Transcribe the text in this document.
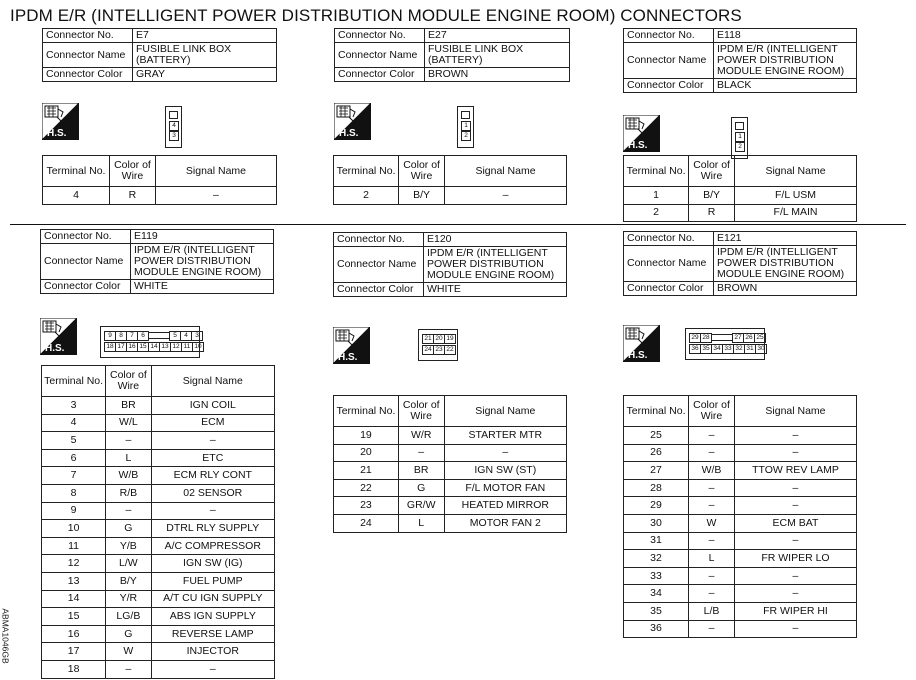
IPDM E/R (INTELLIGENT POWER DISTRIBUTION MODULE ENGINE ROOM) CONNECTORS
ABMA1046GB
Connector No.	E7
Connector Name	FUSIBLE LINK BOX (BATTERY)
Connector Color	GRAY
H.S.
4
3
Terminal No.	Color of Wire	Signal Name
4	R	–
Connector No.	E27
Connector Name	FUSIBLE LINK BOX (BATTERY)
Connector Color	BROWN
H.S.
1
2
Terminal No.	Color of Wire	Signal Name
2	B/Y	–
Connector No.	E118
Connector Name	IPDM E/R (INTELLIGENT POWER DISTRIBUTION MODULE ENGINE ROOM)
Connector Color	BLACK
H.S.
1
2
Terminal No.	Color of Wire	Signal Name
1	B/Y	F/L USM
2	R	F/L MAIN
Connector No.	E119
Connector Name	IPDM E/R (INTELLIGENT POWER DISTRIBUTION MODULE ENGINE ROOM)
Connector Color	WHITE
H.S.
9	8	7	6	5	4	3
18 17 16 15 14 13 12 11 10
Terminal No.	Color of Wire	Signal Name
3	BR	IGN COIL
4	W/L	ECM
5	–	–
6	L	ETC
7	W/B	ECM RLY CONT
8	R/B	02 SENSOR
9	–	–
10	G	DTRL RLY SUPPLY
11	Y/B	A/C COMPRESSOR
12	L/W	IGN SW (IG)
13	B/Y	FUEL PUMP
14	Y/R	A/T CU IGN SUPPLY
15	LG/B	ABS IGN SUPPLY
16	G	REVERSE LAMP
17	W	INJECTOR
18	–	–
Connector No.	E120
Connector Name	IPDM E/R (INTELLIGENT POWER DISTRIBUTION MODULE ENGINE ROOM)
Connector Color	WHITE
H.S.
21 20 19
24 23 22
Terminal No.	Color of Wire	Signal Name
19	W/R	STARTER MTR
20	–	–
21	BR	IGN SW (ST)
22	G	F/L MOTOR FAN
23	GR/W	HEATED MIRROR
24	L	MOTOR FAN 2
Connector No.	E121
Connector Name	IPDM E/R (INTELLIGENT POWER DISTRIBUTION MODULE ENGINE ROOM)
Connector Color	BROWN
H.S.
29 28	27 26 25
36 35 34 33 32 31 30
Terminal No.	Color of Wire	Signal Name
25	–	–
26	–	–
27	W/B	TTOW REV LAMP
28	–	–
29	–	–
30	W	ECM BAT
31	–	–
32	L	FR WIPER LO
33	–	–
34	–	–
35	L/B	FR WIPER HI
36	–	–
